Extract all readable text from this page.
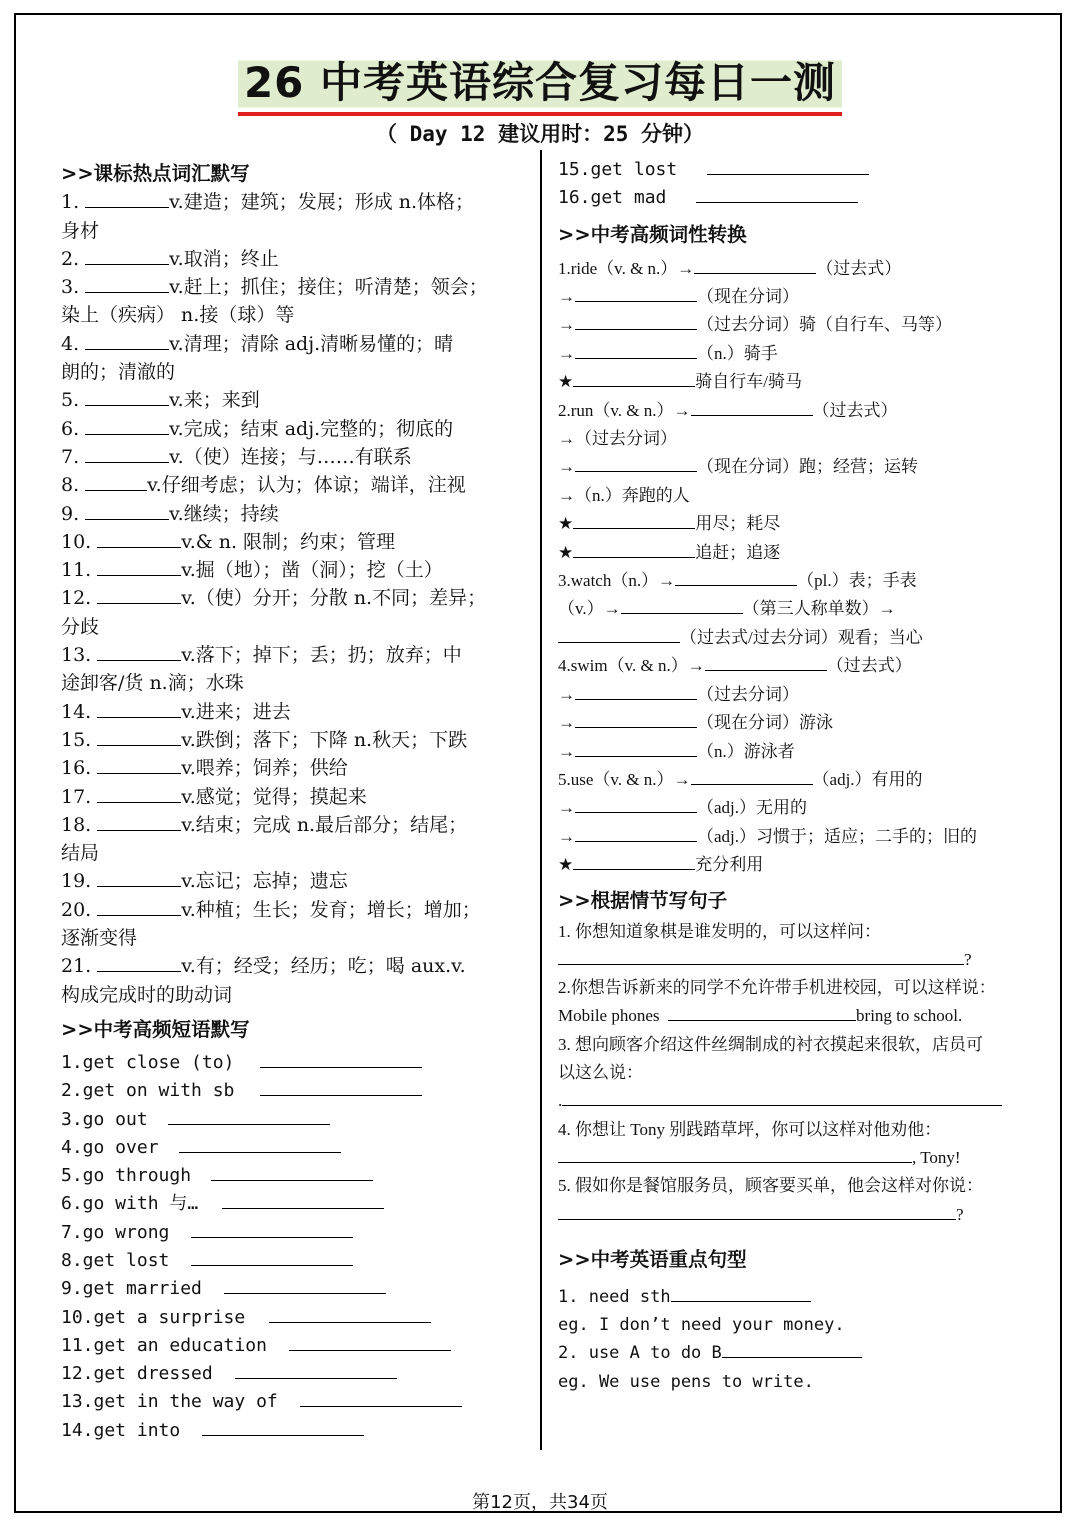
26 中考英语综合复习每日一测
（ Day 12 建议用时：25 分钟）

>>课标热点词汇默写

1.	v.建造；建筑；发展；形成 n.体格；

身材

2.	v.取消；终止

3.	v.赶上；抓住；接住；听清楚；领会；

染上（疾病） n.接（球）等

4.	v.清理；清除 adj.清晰易懂的；晴

朗的；清澈的

5.	v.来；来到

6.	v.完成；结束 adj.完整的；彻底的

7.	v.（使）连接；与……有联系

8.	v.仔细考虑；认为；体谅；端详，注视

9.	v.继续；持续

10.	v.& n. 限制；约束；管理

11.	v.掘（地）；凿（洞）；挖（土）

12.	v.（使）分开；分散 n.不同；差异；

分歧

13.	v.落下；掉下；丢；扔；放弃；中

途卸客/货 n.滴；水珠

14.	v.进来；进去

15.	v.跌倒；落下；下降 n.秋天；下跌

16.	v.喂养；饲养；供给

17.	v.感觉；觉得；摸起来

18.	v.结束；完成 n.最后部分；结尾；

结局

19.	v.忘记；忘掉；遗忘

20.	v.种植；生长；发育；增长；增加；

逐渐变得

21.	v.有；经受；经历；吃；喝 aux.v.

构成完成时的助动词

>>中考高频短语默写

1.get close (to)

2.get on with sb

3.go out

4.go over

5.go through

6.go with 与…

7.go wrong

8.get lost

9.get married

10.get a surprise

11.get an education

12.get dressed

13.get in the way of

14.get into

15.get lost

16.get mad

>>中考高频词性转换

1.ride（v. & n.）→	（过去式）

→	（现在分词）

→	（过去分词）骑（自行车、马等）

→	（n.）骑手

★	骑自行车/骑马

2.run（v. & n.）→	（过去式）

→（过去分词）

→	（现在分词）跑；经营；运转

→（n.）奔跑的人

★	用尽；耗尽

★	追赶；追逐

3.watch（n.）→	（pl.）表；手表

（v.）→	（第三人称单数）→

（过去式/过去分词）观看；当心

4.swim（v. & n.）→	（过去式）

→	（过去分词）

→	（现在分词）游泳

→	（n.）游泳者

5.use（v. & n.）→	（adj.）有用的

→	（adj.）无用的

→	（adj.）习惯于；适应；二手的；旧的

★	充分利用

>>根据情节写句子

1. 你想知道象棋是谁发明的，可以这样问：

?

2.你想告诉新来的同学不允许带手机进校园，可以这样说：

Mobile phones	bring to school.

3. 想向顾客介绍这件丝绸制成的衬衣摸起来很软，店员可

以这么说：

.

4. 你想让 Tony 别践踏草坪，你可以这样对他劝他：

, Tony!

5. 假如你是餐馆服务员，顾客要买单，他会这样对你说：

?

>>中考英语重点句型

1. need sth

eg. I don’t need your money.

2. use A to do B

eg. We use pens to write.

第12页，共34页
